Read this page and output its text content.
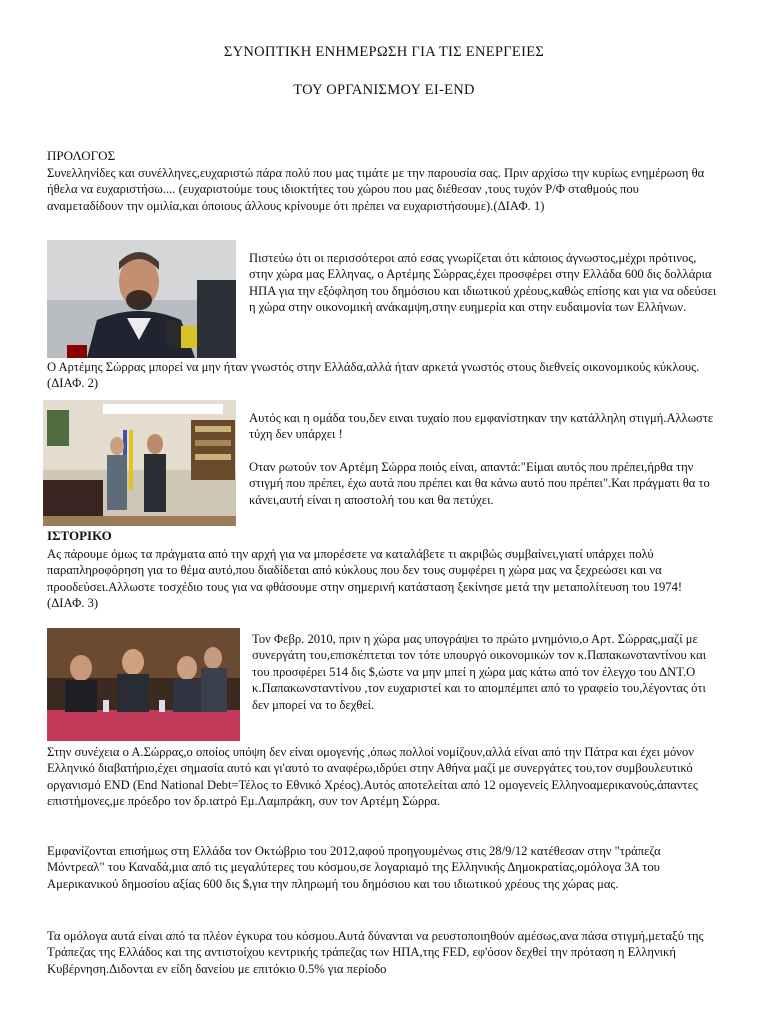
ΣΥΝΟΠΤΙΚΗ ΕΝΗΜΕΡΩΣΗ ΓΙΑ ΤΙΣ ΕΝΕΡΓΕΙΕΣ
ΤΟΥ ΟΡΓΑΝΙΣΜΟΥ EI-END
ΠΡΟΛΟΓΟΣ
Συνελληνίδες και συνέλληνες,ευχαριστώ πάρα πολύ που μας τιμάτε με την παρουσία σας. Πριν αρχίσω την κυρίως ενημέρωση θα ήθελα να ευχαριστήσω.... (ευχαριστούμε τους ιδιοκτήτες του χώρου που μας διέθεσαν ,τους τυχόν Ρ/Φ σταθμούς που αναμεταδίδουν την ομιλία,και όποιους άλλους κρίνουμε ότι πρέπει να ευχαριστήσουμε).(ΔΙΑΦ. 1)
Πιστεύω ότι οι περισσότεροι από εσας γνωρίζεται ότι κάποιος άγνωστος,μέχρι πρότινος, στην χώρα μας Ελληνας, ο Αρτέμης Σώρρας,έχει προσφέρει στην Ελλάδα 600 δις δολλάρια ΗΠΑ για την εξόφληση του δημόσιου και ιδιωτικού χρέους,καθώς επίσης και για να οδεύσει η χώρα στην οικονομική ανάκαμψη,στην ευημερία και στην ευδαιμονία των Ελλήνων.
Ο Αρτέμης Σώρρας μπορεί να μην ήταν γνωστός στην Ελλάδα,αλλά ήταν αρκετά γνωστός στους διεθνείς οικονομικούς κύκλους.(ΔΙΑΦ. 2)
Αυτός και η ομάδα του,δεν ειναι τυχαίο που εμφανίστηκαν την κατάλληλη στιγμή.Αλλωστε τύχη δεν υπάρχει !
Οταν ρωτούν τον Αρτέμη Σώρρα ποιός είναι, απαντά:"Είμαι αυτός που πρέπει,ήρθα την στιγμή που πρέπει, έχω αυτά που πρέπει και θα κάνω αυτό που πρέπει".Και πράγματι θα το κάνει,αυτή είναι η αποστολή του και θα πετύχει.
ΙΣΤΟΡΙΚΟ
Ας πάρουμε όμως τα πράγματα από την αρχή για να μπορέσετε να καταλάβετε τι ακριβώς συμβαίνει,γιατί υπάρχει πολύ παραπληροφόρηση για το θέμα αυτό,που διαδίδεται από κύκλους που δεν τους συμφέρει η χώρα μας να ξεχρεώσει και να προοδεύσει.Αλλωστε τοσχέδιο τους για να φθάσουμε στην σημερινή κατάσταση ξεκίνησε μετά την μεταπολίτευση του 1974!(ΔΙΑΦ. 3)
Τον Φεβρ. 2010, πριν η χώρα μας υπογράψει το πρώτο μνημόνιο,ο Αρτ. Σώρρας,μαζί με συνεργάτη του,επισκέπτεται τον τότε υπουργό οικονομικών τον κ.Παπακωνσταντίνου και του προσφέρει 514 δις $,ώστε να μην μπεί η χώρα μας κάτω από τον έλεγχο του ΔΝΤ.Ο κ.Παπακωνσταντίνου ,τον ευχαριστεί και το απομπέμπει από το γραφείο του,λέγοντας ότι δεν μπορεί να το δεχθεί.
Στην συνέχεια ο Α.Σώρρας,ο οποίος υπόψη δεν είναι ομογενής ,όπως πολλοί νομίζουν,αλλά είναι από την Πάτρα και έχει μόνον Ελληνικό διαβατήριο,έχει σημασία αυτό και γι'αυτό το αναφέρω,ιδρύει στην Αθήνα μαζί με συνεργάτες του,τον συμβουλευτικό οργανισμό END (End National Debt=Τέλος το Εθνικό Χρέος).Αυτός αποτελείται από 12 ομογενείς Ελληνοαμερικανούς,άπαντες επιστήμονες,με πρόεδρο τον δρ.ιατρό Εμ.Λαμπράκη, συν τον Αρτέμη Σώρρα.
Εμφανίζονται επισήμως στη Ελλάδα τον Οκτώβριο του 2012,αφού προηγουμένως στις 28/9/12 κατέθεσαν στην "τράπεζα Μόντρεαλ" του Καναδά,μια από τις μεγαλύτερες του κόσμου,σε λογαριαμό της Ελληνικής Δημοκρατίας,ομόλογα 3Α του Αμερικανικού δημοσίου αξίας 600 δις $,για την πληρωμή του δημόσιου και του ιδιωτικού χρέους της χώρας μας.
Τα ομόλογα αυτά είναι από τα πλέον έγκυρα του κόσμου.Αυτά δύνανται να ρευστοποιηθούν αμέσως,ανα πάσα στιγμή,μεταξύ της Τράπεζας της Ελλάδος και της αντιστοίχου κεντρικής τράπεζας των ΗΠΑ,της FED, εφ'όσον δεχθεί την πρόταση η Ελληνική Κυβέρνηση.Διδονται εν είδη δανείου με επιτόκιο 0.5% για περίοδο
